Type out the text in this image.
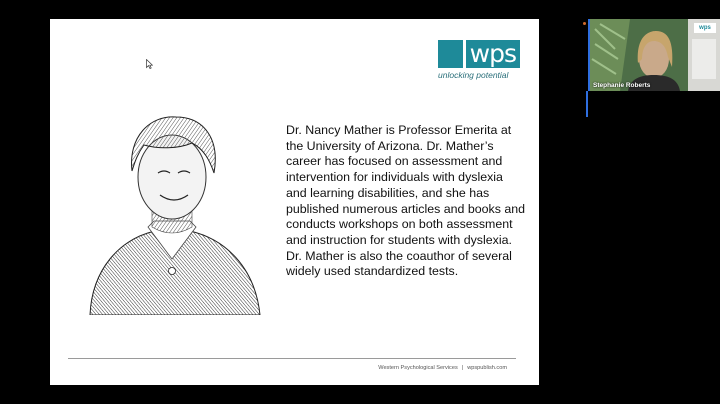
wps
unlocking potential
Dr. Nancy Mather is Professor Emerita at the University of Arizona. Dr. Mather’s career has focused on assessment and intervention for individuals with dyslexia and learning disabilities, and she has published numerous articles and books and conducts workshops on both assessment and instruction for students with dyslexia. Dr. Mather is also the coauthor of several widely used standardized tests.
Western Psychological Services | wpspublish.com
wps
Stephanie Roberts
